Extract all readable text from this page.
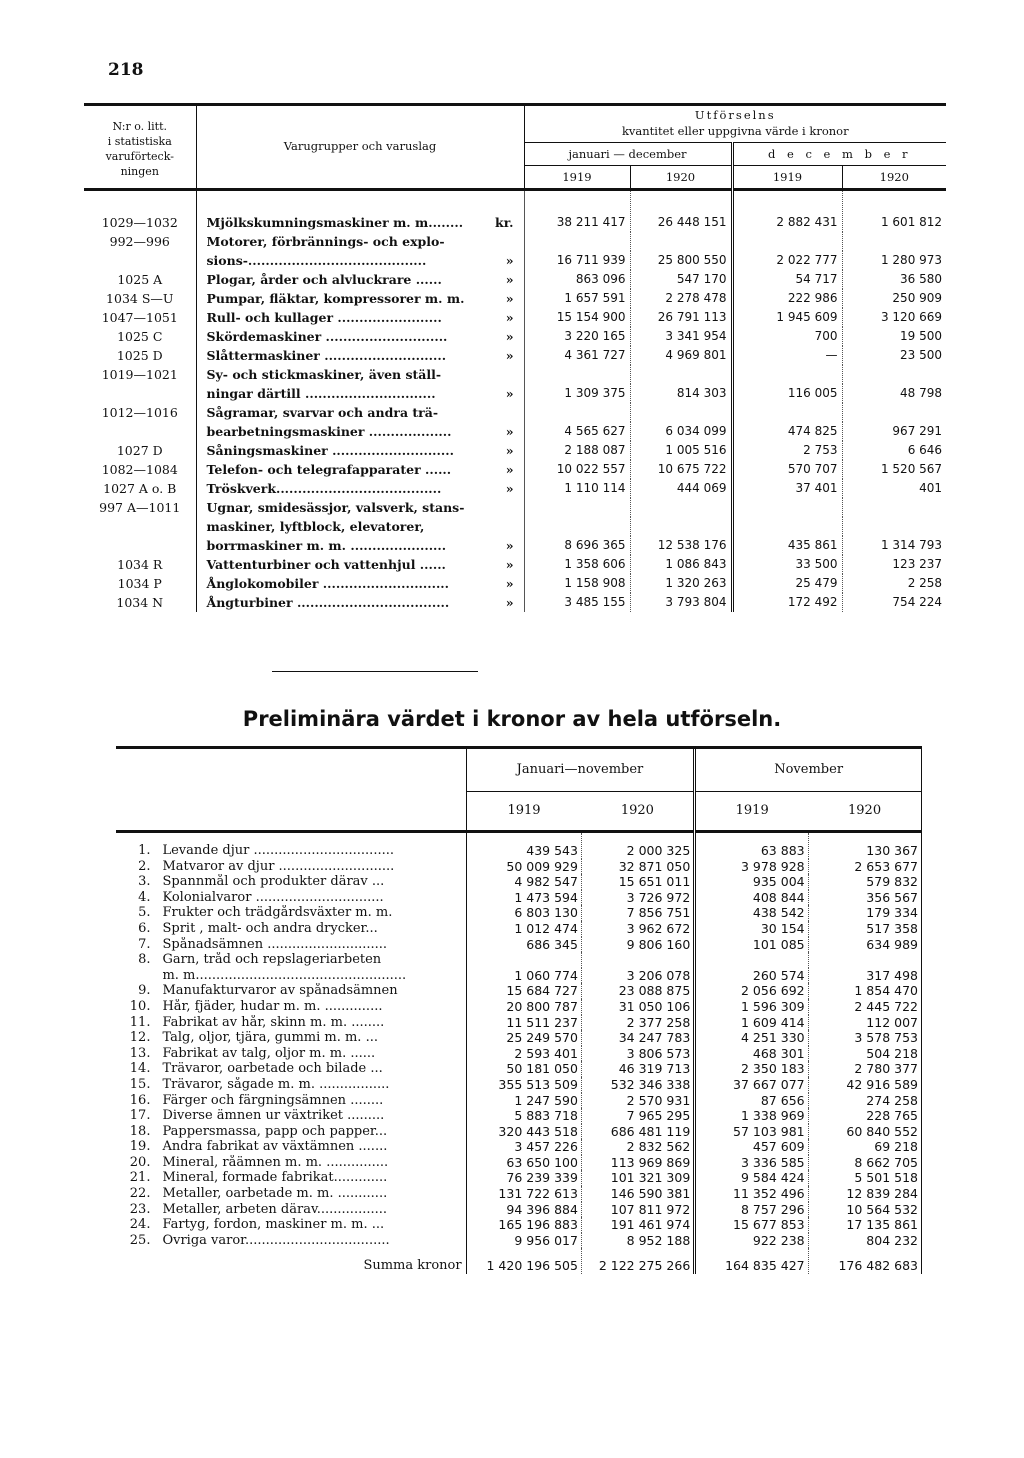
218
N:r o. litt.
i statistiska
varuförteck-
ningen	Varugrupper och varuslag	Utförselns
kvantitet eller uppgivna värde i kronor			
		januari — december		d e c e m b e r	
		1919	1920	1919	1920
1029—1032	Mjölkskumningsmaskiner m. m........ kr.	38 211 417	26 448 151	2 882 431	1 601 812
992—996	Motorer, förbrännings- och explo-

	sions-......................................... »	16 711 939	25 800 550	2 022 777	1 280 973
1025 A	Plogar, årder och alvluckrare ...... »	863 096	547 170	54 717	36 580
1034 S—U	Pumpar, fläktar, kompressorer m. m. »	1 657 591	2 278 478	222 986	250 909
1047—1051	Rull- och kullager ........................ »	15 154 900	26 791 113	1 945 609	3 120 669
1025 C	Skördemaskiner ............................ »	3 220 165	3 341 954	700	19 500
1025 D	Slåttermaskiner ............................ »	4 361 727	4 969 801	—	23 500
1019—1021	Sy- och stickmaskiner, även ställ-

	ningar därtill .............................. »	1 309 375	814 303	116 005	48 798
1012—1016	Sågramar, svarvar och andra trä-

	bearbetningsmaskiner ................... »	4 565 627	6 034 099	474 825	967 291
1027 D	Såningsmaskiner ............................ »	2 188 087	1 005 516	2 753	6 646
1082—1084	Telefon- och telegrafapparater ...... »	10 022 557	10 675 722	570 707	1 520 567
1027 A o. B	Tröskverk...................................... »	1 110 114	444 069	37 401	401
997 A—1011	Ugnar, smidesässjor, valsverk, stans-

	maskiner, lyftblock, elevatorer,

	borrmaskiner m. m. ...................... »	8 696 365	12 538 176	435 861	1 314 793
1034 R	Vattenturbiner och vattenhjul ...... »	1 358 606	1 086 843	33 500	123 237
1034 P	Ånglokomobiler ............................. »	1 158 908	1 320 263	25 479	2 258
1034 N	Ångturbiner ................................... »	3 485 155	3 793 804	172 492	754 224
Preliminära värdet i kronor av hela utförseln.
		Januari—november		November	
		1919	1920	1919	1920
1.	Levande djur ..................................	439 543	2 000 325	63 883	130 367
2.	Matvaror av djur ............................	50 009 929	32 871 050	3 978 928	2 653 677
3.	Spannmål och produkter därav ...	4 982 547	15 651 011	935 004	579 832
4.	Kolonialvaror ...............................	1 473 594	3 726 972	408 844	356 567
5.	Frukter och trädgårdsväxter m. m.	6 803 130	7 856 751	438 542	179 334
6.	Sprit , malt- och andra drycker...	1 012 474	3 962 672	30 154	517 358
7.	Spånadsämnen .............................	686 345	9 806 160	101 085	634 989
8.	Garn, tråd och repslageriarbeten				
	m. m...................................................	1 060 774	3 206 078	260 574	317 498
9.	Manufakturvaror av spånadsämnen	15 684 727	23 088 875	2 056 692	1 854 470
10.	Hår, fjäder, hudar m. m. ..............	20 800 787	31 050 106	1 596 309	2 445 722
11.	Fabrikat av hår, skinn m. m. ........	11 511 237	2 377 258	1 609 414	112 007
12.	Talg, oljor, tjära, gummi m. m. ...	25 249 570	34 247 783	4 251 330	3 578 753
13.	Fabrikat av talg, oljor m. m. ......	2 593 401	3 806 573	468 301	504 218
14.	Trävaror, oarbetade och bilade ...	50 181 050	46 319 713	2 350 183	2 780 377
15.	Trävaror, sågade m. m. .................	355 513 509	532 346 338	37 667 077	42 916 589
16.	Färger och färgningsämnen ........	1 247 590	2 570 931	87 656	274 258
17.	Diverse ämnen ur växtriket .........	5 883 718	7 965 295	1 338 969	228 765
18.	Pappersmassa, papp och papper...	320 443 518	686 481 119	57 103 981	60 840 552
19.	Andra fabrikat av växtämnen .......	3 457 226	2 832 562	457 609	69 218
20.	Mineral, råämnen m. m. ...............	63 650 100	113 969 869	3 336 585	8 662 705
21.	Mineral, formade fabrikat.............	76 239 339	101 321 309	9 584 424	5 501 518
22.	Metaller, oarbetade m. m. ............	131 722 613	146 590 381	11 352 496	12 839 284
23.	Metaller, arbeten därav.................	94 396 884	107 811 972	8 757 296	10 564 532
24.	Fartyg, fordon, maskiner m. m. ...	165 196 883	191 461 974	15 677 853	17 135 861
25.	Övriga varor...................................	9 956 017	8 952 188	922 238	804 232
Summa kronor		1 420 196 505	2 122 275 266	164 835 427	176 482 683
